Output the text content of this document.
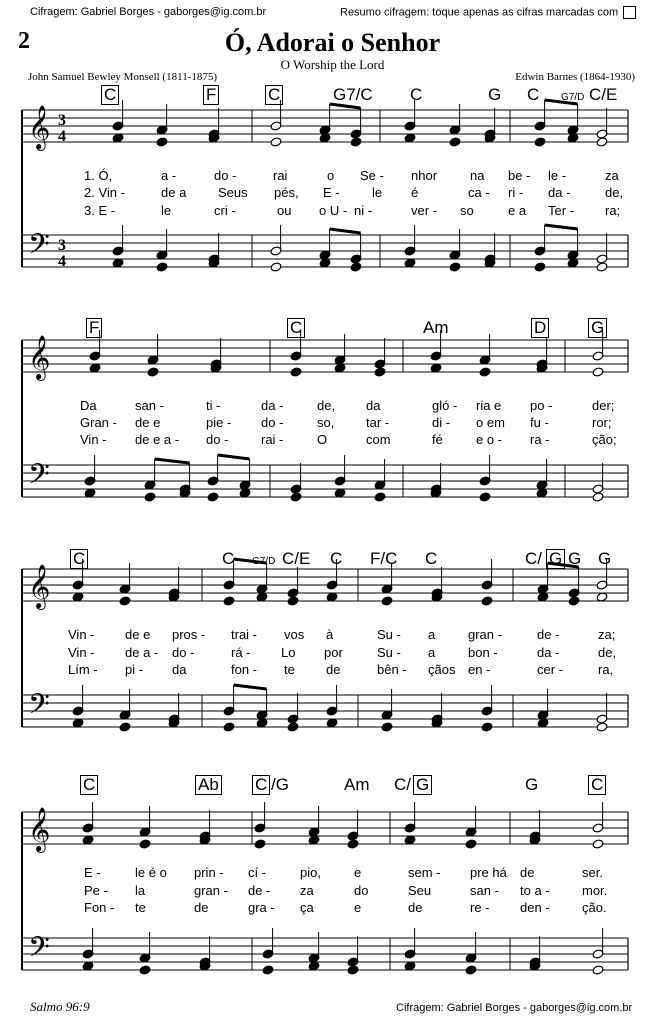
Cifragem: Gabriel Borges - gaborges@ig.com.br	Resumo cifragem: toque apenas as cifras marcadas com
2	Ó, Adorai o Senhor
O Worship the Lord
John Samuel Bewley Monsell (1811-1875)	Edwin Barnes (1864-1930)
𝄞
𝄢
3
4
3
4
𝄞
𝄢
𝄞
𝄢
𝄞
𝄢
C	F	C	G7/C C	G C G7/D C/E
1. Ó,	a -	do -	rai	o Se - nhor	na be - le -	za
2. Vin -	de a Seus pés, E - le é	ca - ri - da -	de,
3. E -	le	cri -	ou o U - ni -	ver - so	e a Ter - ra;
F	C	Am	D	G
Da	san -	ti -	da -	de, da	gló - ria e po -	der;
Gran - de e	pie - do -	so, tar -	di - o em fu -	ror;
Vin - de e a - do -	rai -	O	com	fé	e o - ra -	ção;
C	C G7/D C/E C F/C C	C/ G G G
Vin - de e pros - trai - vos à	Su - a	gran -	de -	za;
Vin - de a - do -	rá - Lo por	Su - a	bon -	da -	de,
Lím - pi - da	fon - te de	bên - çãos en -	cer -	ra,
C	Ab C /G	Am C/ G	G	C
E -	le é o prin - cí -	pio,	e	sem - pre há de	ser.
Pe - la	gran - de - za	do	Seu	san - to a - mor.
Fon - te	de	gra - ça	e	de	re - den - ção.
Salmo 96:9	Cifragem: Gabriel Borges - gaborges@ig.com.br
